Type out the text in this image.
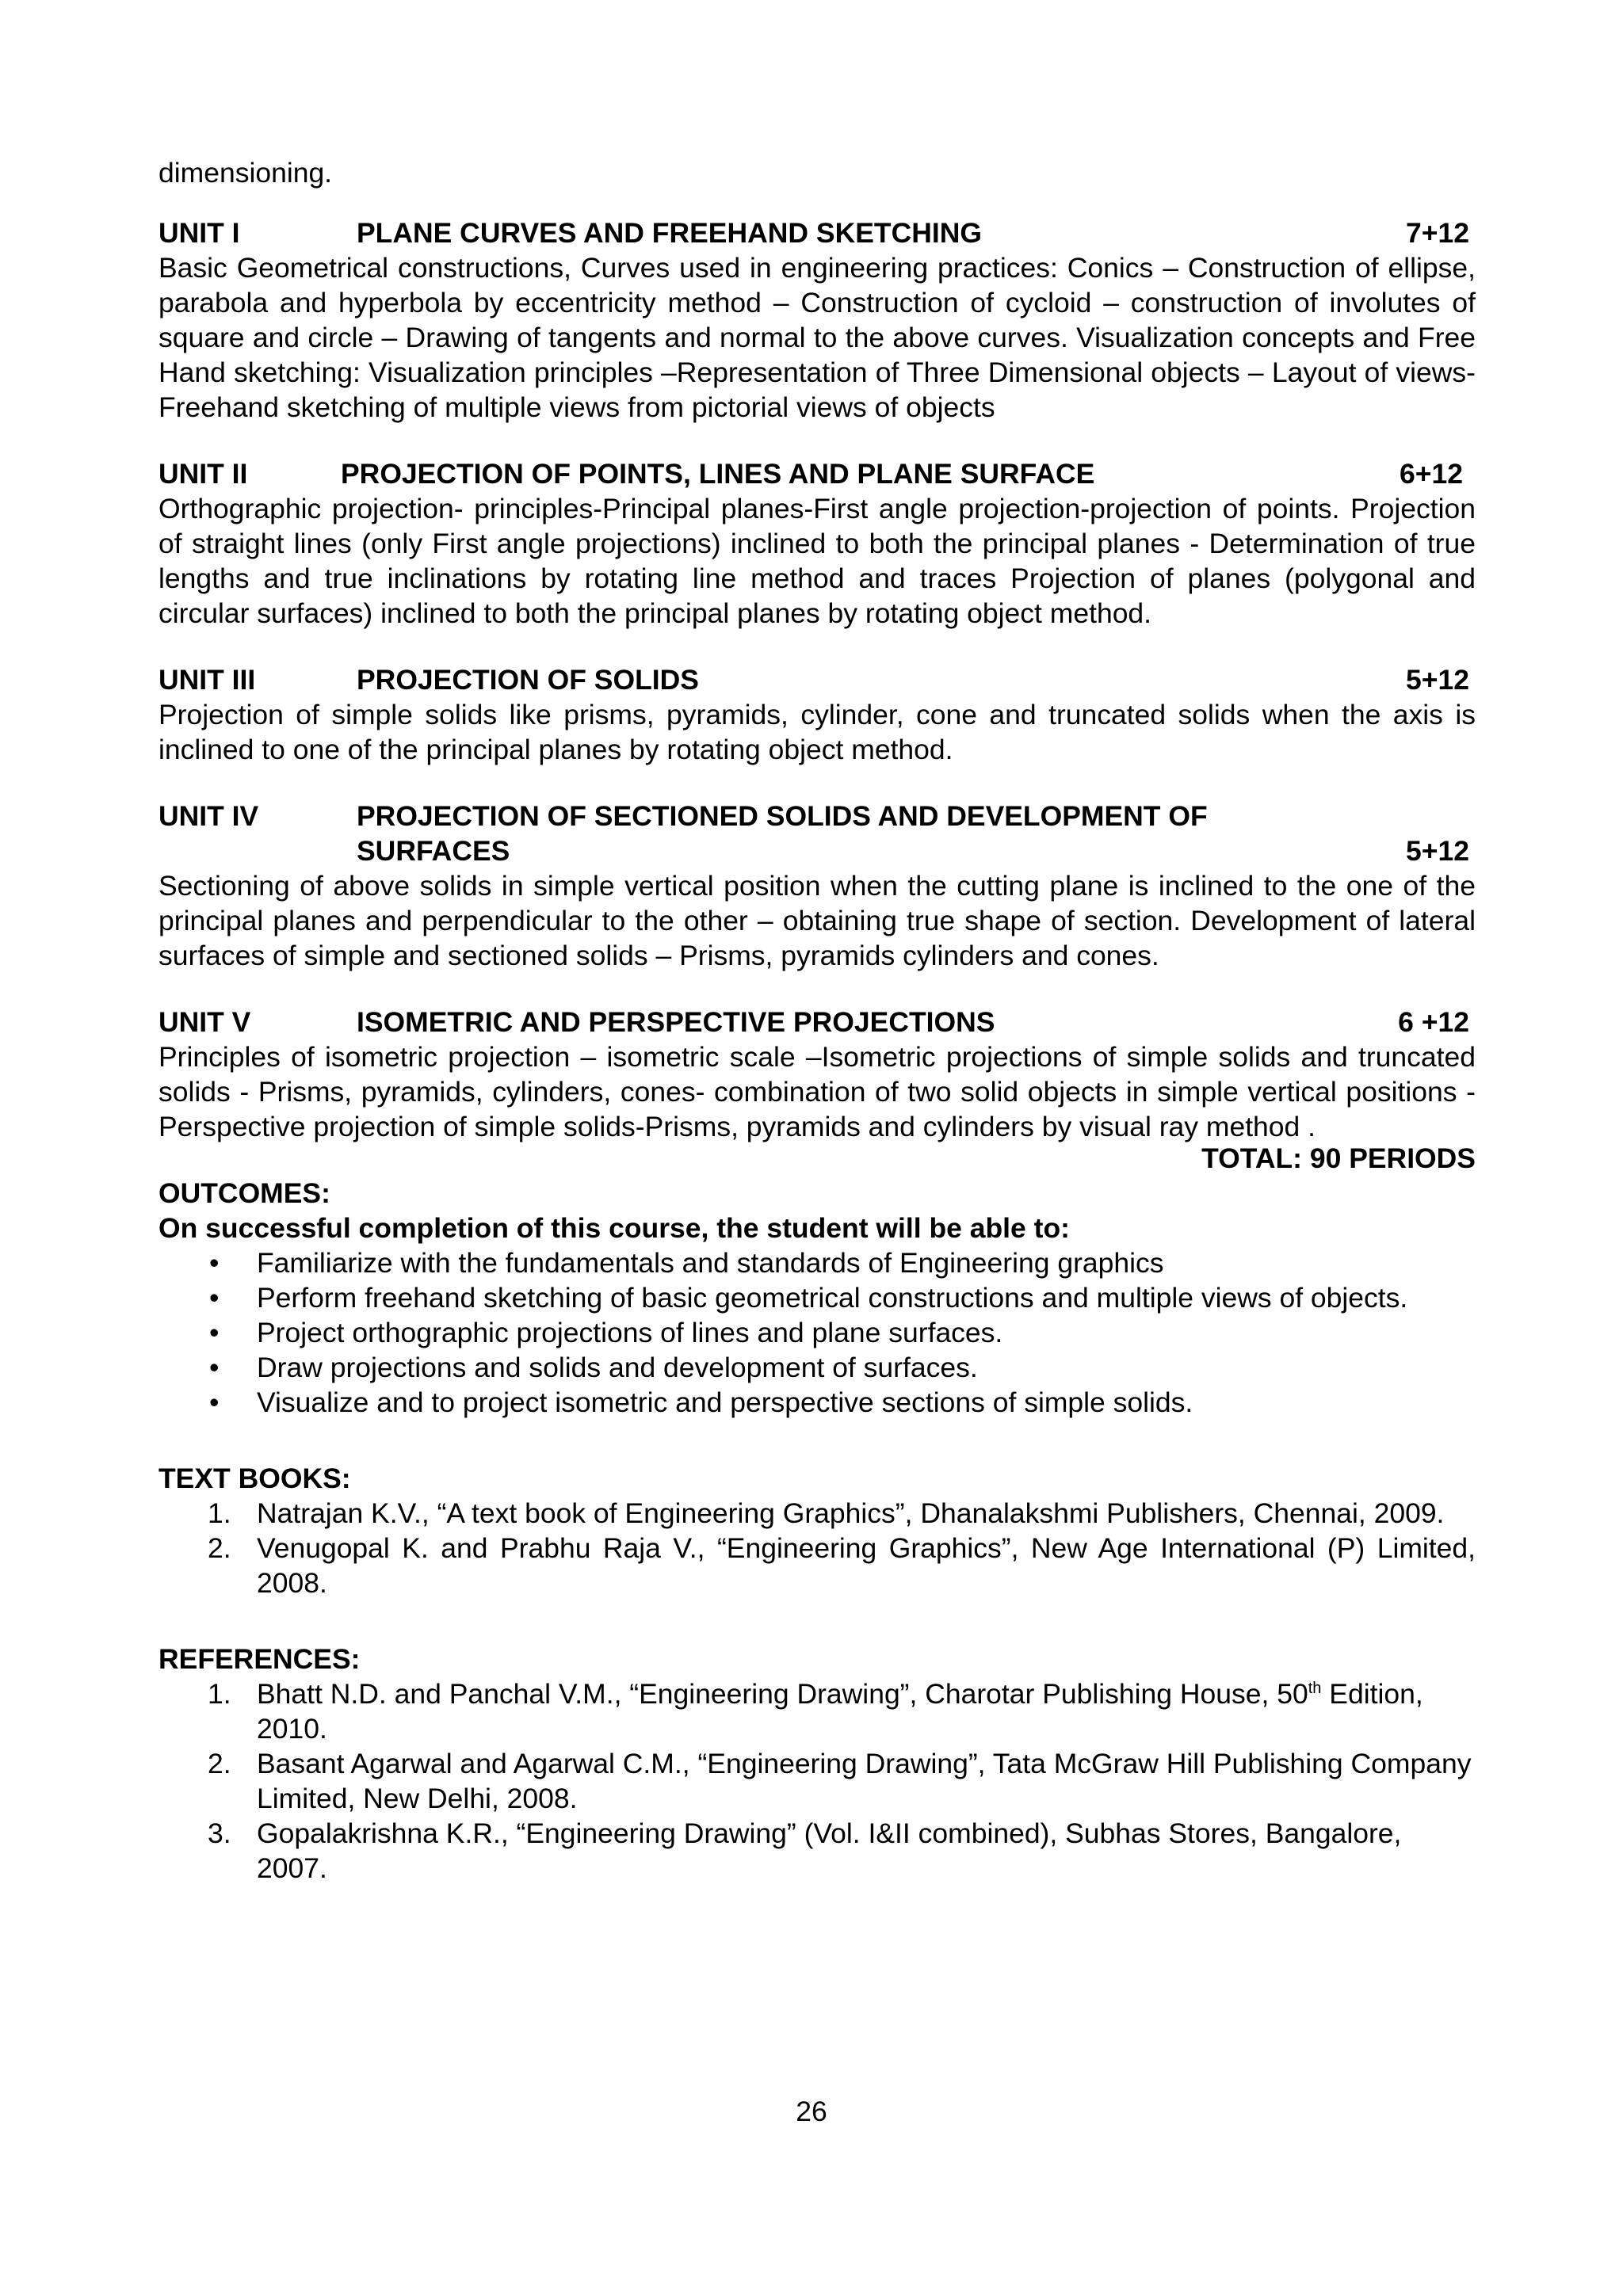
dimensioning.

UNIT I	PLANE CURVES AND FREEHAND SKETCHING	7+12

Basic Geometrical constructions, Curves used in engineering practices: Conics – Construction of ellipse, parabola and hyperbola by eccentricity method – Construction of cycloid – construction of involutes of square and circle – Drawing of tangents and normal to the above curves. Visualization concepts and Free Hand sketching: Visualization principles –Representation of Three Dimensional objects – Layout of views- Freehand sketching of multiple views from pictorial views of objects

UNIT II	PROJECTION OF POINTS, LINES AND PLANE SURFACE	6+12

Orthographic projection- principles-Principal planes-First angle projection-projection of points. Projection of straight lines (only First angle projections) inclined to both the principal planes - Determination of true lengths and true inclinations by rotating line method and traces Projection of planes (polygonal and circular surfaces) inclined to both the principal planes by rotating object method.

UNIT III	PROJECTION OF SOLIDS	5+12

Projection of simple solids like prisms, pyramids, cylinder, cone and truncated solids when the axis is inclined to one of the principal planes by rotating object method.

UNIT IV	PROJECTION OF SECTIONED SOLIDS AND DEVELOPMENT OF
SURFACES	5+12

Sectioning of above solids in simple vertical position when the cutting plane is inclined to the one of the principal planes and perpendicular to the other – obtaining true shape of section. Development of lateral surfaces of simple and sectioned solids – Prisms, pyramids cylinders and cones.

UNIT V	ISOMETRIC AND PERSPECTIVE PROJECTIONS	6 +12

Principles of isometric projection – isometric scale –Isometric projections of simple solids and truncated solids - Prisms, pyramids, cylinders, cones- combination of two solid objects in simple vertical positions - Perspective projection of simple solids-Prisms, pyramids and cylinders by visual ray method .

TOTAL: 90 PERIODS

OUTCOMES:

On successful completion of this course, the student will be able to:

• Familiarize with the fundamentals and standards of Engineering graphics
• Perform freehand sketching of basic geometrical constructions and multiple views of objects.
• Project orthographic projections of lines and plane surfaces.
• Draw projections and solids and development of surfaces.
• Visualize and to project isometric and perspective sections of simple solids.

TEXT BOOKS:

1. Natrajan K.V., “A text book of Engineering Graphics”, Dhanalakshmi Publishers, Chennai, 2009.
2. Venugopal K. and Prabhu Raja V., “Engineering Graphics”, New Age International (P) Limited, 2008.

REFERENCES:

1. Bhatt N.D. and Panchal V.M., “Engineering Drawing”, Charotar Publishing House, 50th Edition, 2010.
2. Basant Agarwal and Agarwal C.M., “Engineering Drawing”, Tata McGraw Hill Publishing Company Limited, New Delhi, 2008.
3. Gopalakrishna K.R., “Engineering Drawing” (Vol. I&II combined), Subhas Stores, Bangalore, 2007.
26
